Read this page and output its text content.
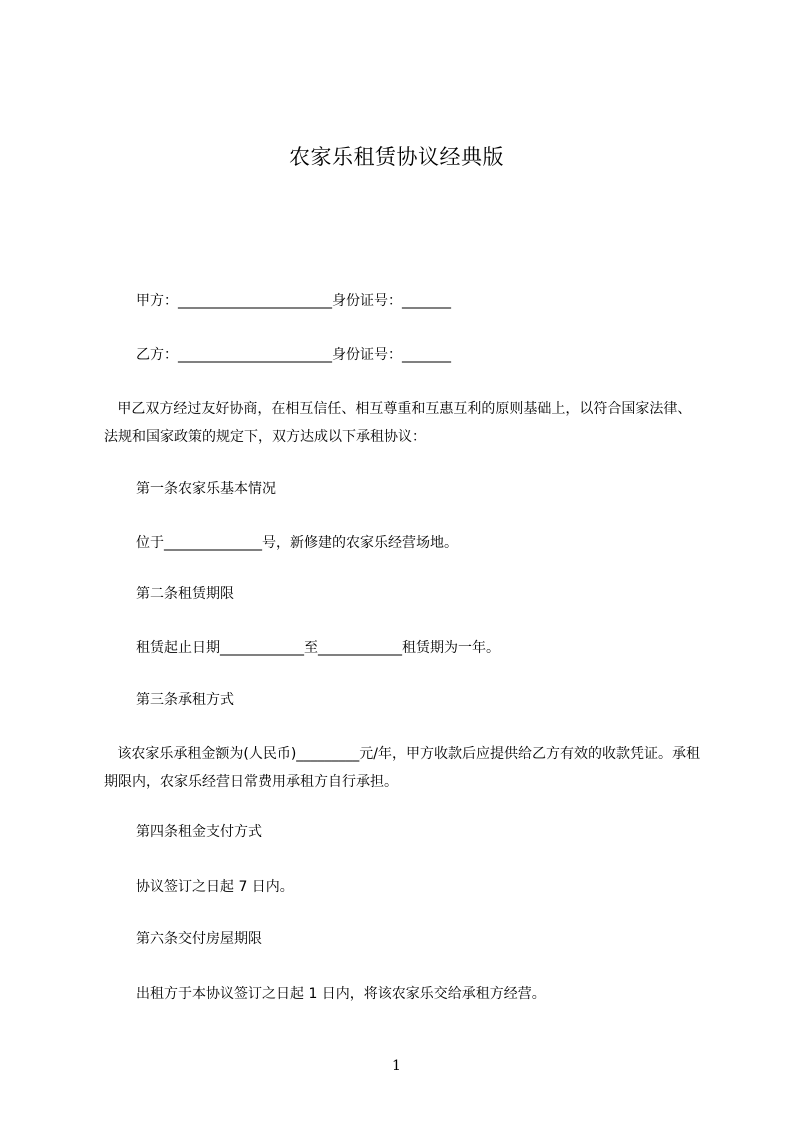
农家乐租赁协议经典版
甲方：______________________身份证号：_______
乙方：______________________身份证号：_______
甲乙双方经过友好协商，在相互信任、相互尊重和互惠互利的原则基础上，以符合国家法律、法规和国家政策的规定下，双方达成以下承租协议：
第一条农家乐基本情况
位于______________号，新修建的农家乐经营场地。
第二条租赁期限
租赁起止日期____________至____________租赁期为一年。
第三条承租方式
该农家乐承租金额为(人民币)_________元/年，甲方收款后应提供给乙方有效的收款凭证。承租期限内，农家乐经营日常费用承租方自行承担。
第四条租金支付方式
协议签订之日起 7 日内。
第六条交付房屋期限
出租方于本协议签订之日起 1 日内，将该农家乐交给承租方经营。
1
